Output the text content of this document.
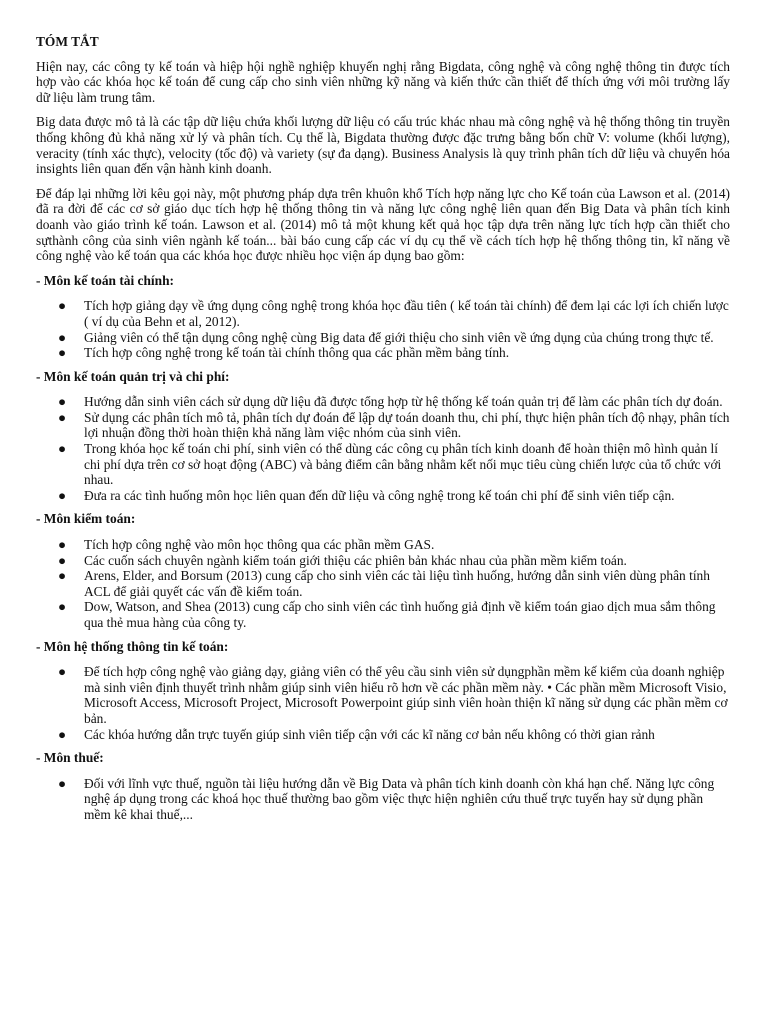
TÓM TẮT
Hiện nay, các công ty kế toán và hiệp hội nghề nghiệp khuyến nghị rằng Bigdata, công nghệ và công nghệ thông tin được tích hợp vào các khóa học kế toán để cung cấp cho sinh viên những kỹ năng và kiến thức cần thiết để thích ứng với môi trường lấy dữ liệu làm trung tâm.
Big data được mô tả là các tập dữ liệu chứa khối lượng dữ liệu có cấu trúc khác nhau mà công nghệ và hệ thống thông tin truyền thống không đủ khả năng xử lý và phân tích. Cụ thể là, Bigdata thường được đặc trưng bằng bốn chữ V: volume (khối lượng), veracity (tính xác thực), velocity (tốc độ) và variety (sự đa dạng). Business Analysis là quy trình phân tích dữ liệu và chuyển hóa insights liên quan đến vận hành kinh doanh.
Để đáp lại những lời kêu gọi này, một phương pháp dựa trên khuôn khổ Tích hợp năng lực cho Kế toán của Lawson et al. (2014) đã ra đời để các cơ sở giáo dục tích hợp hệ thống thông tin và năng lực công nghệ liên quan đến Big Data và phân tích kinh doanh vào giáo trình kế toán. Lawson et al. (2014) mô tả một khung kết quả học tập dựa trên năng lực tích hợp cần thiết cho sựthành công của sinh viên ngành kế toán... bài báo cung cấp các ví dụ cụ thể về cách tích hợp hệ thống thông tin, kĩ năng về công nghệ vào kế toán qua các khóa học được nhiều học viện áp dụng bao gồm:
- Môn kế toán tài chính:
● Tích hợp giảng dạy về ứng dụng công nghệ trong khóa học đầu tiên ( kế toán tài chính) để đem lại các lợi ích chiến lược ( ví dụ của Behn et al, 2012).
● Giảng viên có thể tận dụng công nghệ cùng Big data để giới thiệu cho sinh viên về ứng dụng của chúng trong thực tế.
● Tích hợp công nghệ trong kế toán tài chính thông qua các phần mềm bảng tính.
- Môn kế toán quản trị và chi phí:
● Hướng dẫn sinh viên cách sử dụng dữ liệu đã được tổng hợp từ hệ thống kế toán quản trị để làm các phân tích dự đoán.
● Sử dụng các phân tích mô tả, phân tích dự đoán để lập dự toán doanh thu, chi phí, thực hiện phân tích độ nhạy, phân tích lợi nhuận đồng thời hoàn thiện khả năng làm việc nhóm của sinh viên.
● Trong khóa học kế toán chi phí, sinh viên có thể dùng các công cụ phân tích kinh doanh để hoàn thiện mô hình quản lí chi phí dựa trên cơ sở hoạt động (ABC) và bảng điểm cân bằng nhằm kết nối mục tiêu cùng chiến lược của tổ chức với nhau.
● Đưa ra các tình huống môn học liên quan đến dữ liệu và công nghệ trong kế toán chi phí để sinh viên tiếp cận.
- Môn kiểm toán:
● Tích hợp công nghệ vào môn học thông qua các phần mềm GAS.
● Các cuốn sách chuyên ngành kiểm toán giới thiệu các phiên bản khác nhau của phần mềm kiểm toán.
● Arens, Elder, and Borsum (2013) cung cấp cho sinh viên các tài liệu tình huống, hướng dẫn sinh viên dùng phân tính ACL để giải quyết các vấn đề kiểm toán.
● Dow, Watson, and Shea (2013) cung cấp cho sinh viên các tình huống giả định về kiểm toán giao dịch mua sắm thông qua thẻ mua hàng của công ty.
- Môn hệ thống thông tin kế toán:
● Để tích hợp công nghệ vào giảng dạy, giảng viên có thể yêu cầu sinh viên sử dụngphần mềm kế kiểm của doanh nghiệp mà sinh viên định thuyết trình nhằm giúp sinh viên hiểu rõ hơn về các phần mềm này. • Các phần mềm Microsoft Visio, Microsoft Access, Microsoft Project, Microsoft Powerpoint giúp sinh viên hoàn thiện kĩ năng sử dụng các phần mềm cơ bản.
● Các khóa hướng dẫn trực tuyến giúp sinh viên tiếp cận với các kĩ năng cơ bản nếu không có thời gian rảnh
- Môn thuế:
● Đối với lĩnh vực thuế, nguồn tài liệu hướng dẫn về Big Data và phân tích kinh doanh còn khá hạn chế. Năng lực công nghệ áp dụng trong các khoá học thuế thường bao gồm việc thực hiện nghiên cứu thuế trực tuyến hay sử dụng phần mềm kê khai thuế,...
